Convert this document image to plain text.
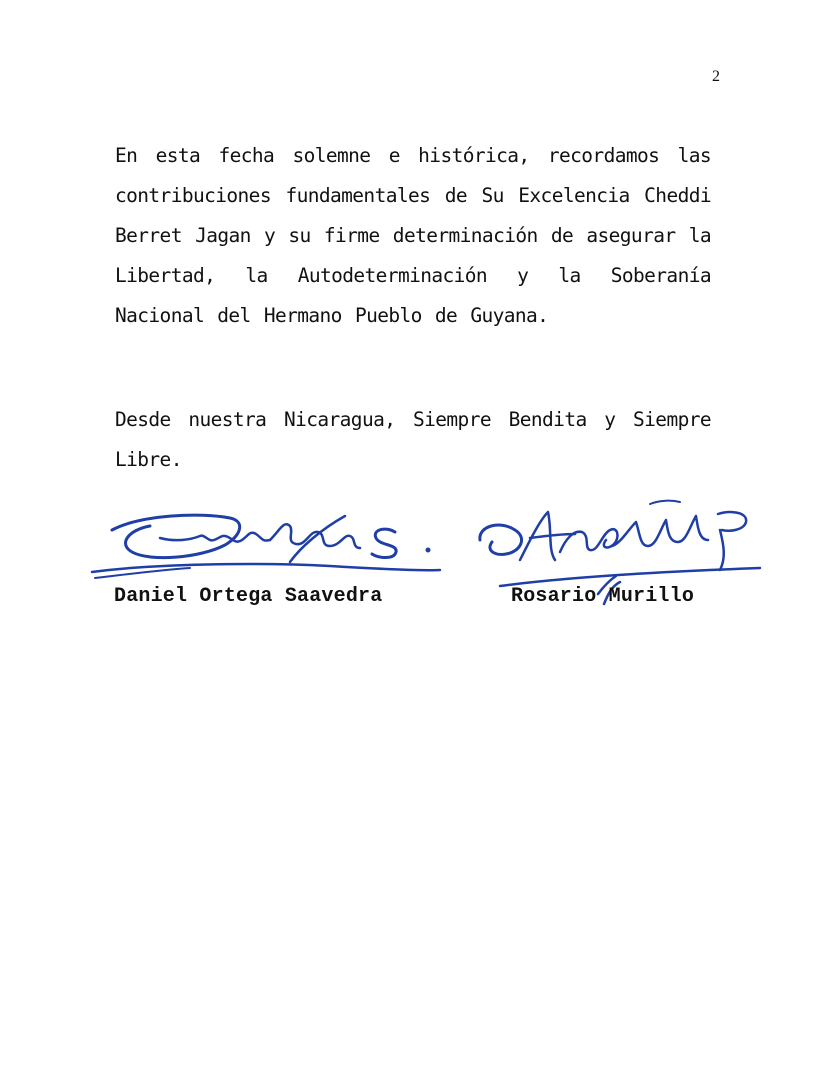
2

En esta fecha solemne e histórica, recordamos las contribuciones fundamentales de Su Excelencia Cheddi Berret Jagan y su firme determinación de asegurar la Libertad, la Autodeterminación y la Soberanía Nacional del Hermano Pueblo de Guyana.

Desde nuestra Nicaragua, Siempre Bendita y Siempre Libre.

Daniel Ortega Saavedra	Rosario Murillo
